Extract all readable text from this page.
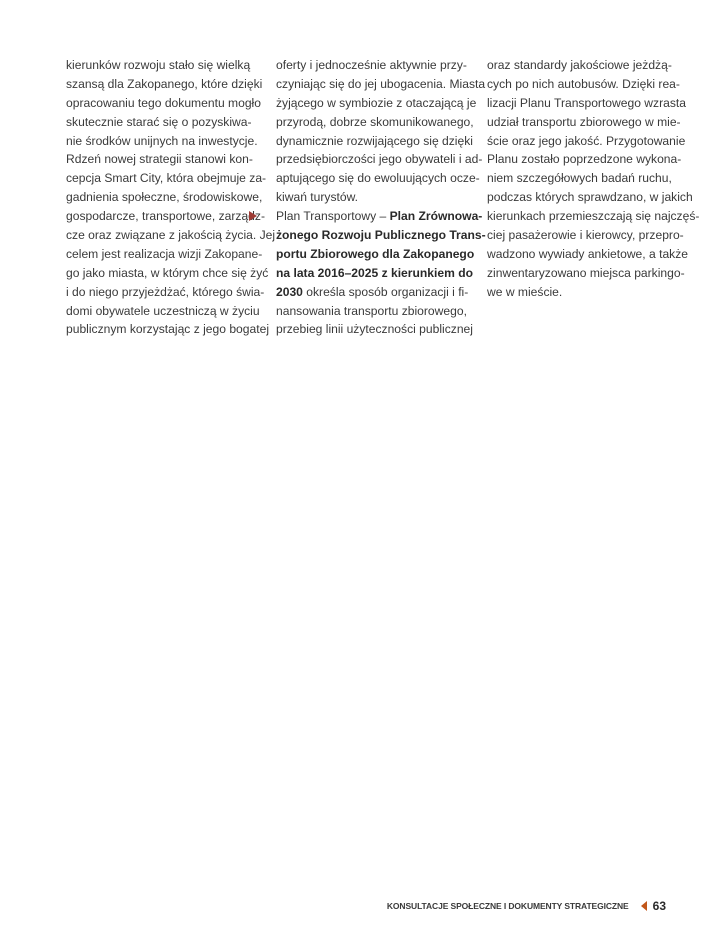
kierunków rozwoju stało się wielką
szansą dla Zakopanego, które dzięki
opracowaniu tego dokumentu mogło
skutecznie starać się o pozyskiwa-
nie środków unijnych na inwestycje.
Rdzeń nowej strategii stanowi kon-
cepcja Smart City, która obejmuje za-
gadnienia społeczne, środowiskowe,
gospodarcze, transportowe, zarządz-
cze oraz związane z jakością życia. Jej
celem jest realizacja wizji Zakopane-
go jako miasta, w którym chce się żyć
i do niego przyjeżdżać, którego świa-
domi obywatele uczestniczą w życiu
publicznym korzystając z jego bogatej
oferty i jednocześnie aktywnie przy-
czyniając się do jej ubogacenia. Miasta
żyjącego w symbiozie z otaczającą je
przyrodą, dobrze skomunikowanego,
dynamicznie rozwijającego się dzięki
przedsiębiorczości jego obywateli i ad-
aptującego się do ewoluujących ocze-
kiwań turystów.
Plan Transportowy – Plan Zrównowa-
żonego Rozwoju Publicznego Trans-
portu Zbiorowego dla Zakopanego
na lata 2016–2025 z kierunkiem do
2030 określa sposób organizacji i fi-
nansowania transportu zbiorowego,
przebieg linii użyteczności publicznej
oraz standardy jakościowe jeżdżą-
cych po nich autobusów. Dzięki rea-
lizacji Planu Transportowego wzrasta
udział transportu zbiorowego w mie-
ście oraz jego jakość. Przygotowanie
Planu zostało poprzedzone wykona-
niem szczegółowych badań ruchu,
podczas których sprawdzano, w jakich
kierunkach przemieszczają się najczęś-
ciej pasażerowie i kierowcy, przepro-
wadzono wywiady ankietowe, a także
zinwentaryzowano miejsca parkingo-
we w mieście.
KONSULTACJE SPOŁECZNE I DOKUMENTY STRATEGICZNE 63
